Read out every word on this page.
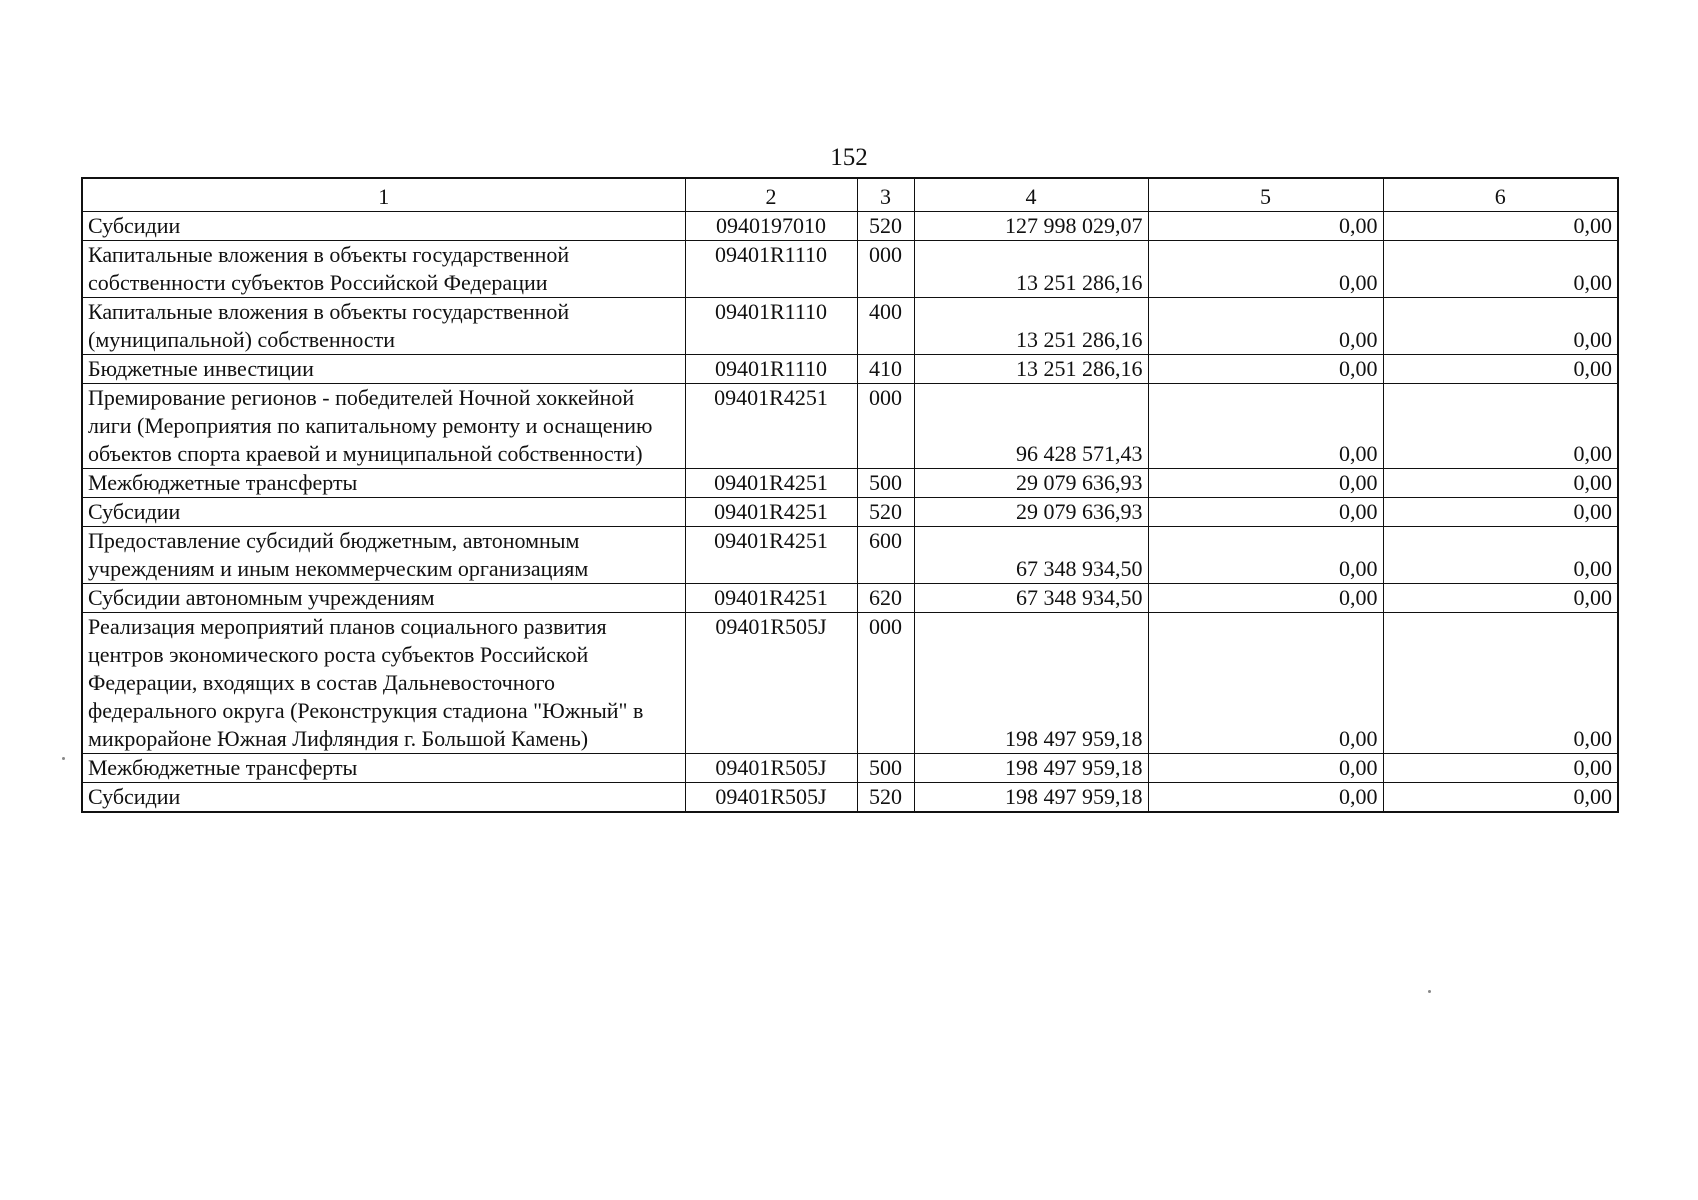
152
1	2	3	4	5	6
Субсидии	0940197010	520	127 998 029,07	0,00	0,00
Капитальные вложения в объекты государственной собственности субъектов Российской Федерации	09401R1110	000	13 251 286,16	0,00	0,00
Капитальные вложения в объекты государственной (муниципальной) собственности	09401R1110	400	13 251 286,16	0,00	0,00
Бюджетные инвестиции	09401R1110	410	13 251 286,16	0,00	0,00
Премирование регионов - победителей Ночной хоккейной лиги (Мероприятия по капитальному ремонту и оснащению объектов спорта краевой и муниципальной собственности)	09401R4251	000	96 428 571,43	0,00	0,00
Межбюджетные трансферты	09401R4251	500	29 079 636,93	0,00	0,00
Субсидии	09401R4251	520	29 079 636,93	0,00	0,00
Предоставление субсидий бюджетным, автономным учреждениям и иным некоммерческим организациям	09401R4251	600	67 348 934,50	0,00	0,00
Субсидии автономным учреждениям	09401R4251	620	67 348 934,50	0,00	0,00
Реализация мероприятий планов социального развития центров экономического роста субъектов Российской Федерации, входящих в состав Дальневосточного федерального округа (Реконструкция стадиона "Южный" в микрорайоне Южная Лифляндия г. Большой Камень)	09401R505J	000	198 497 959,18	0,00	0,00
Межбюджетные трансферты	09401R505J	500	198 497 959,18	0,00	0,00
Субсидии	09401R505J	520	198 497 959,18	0,00	0,00
